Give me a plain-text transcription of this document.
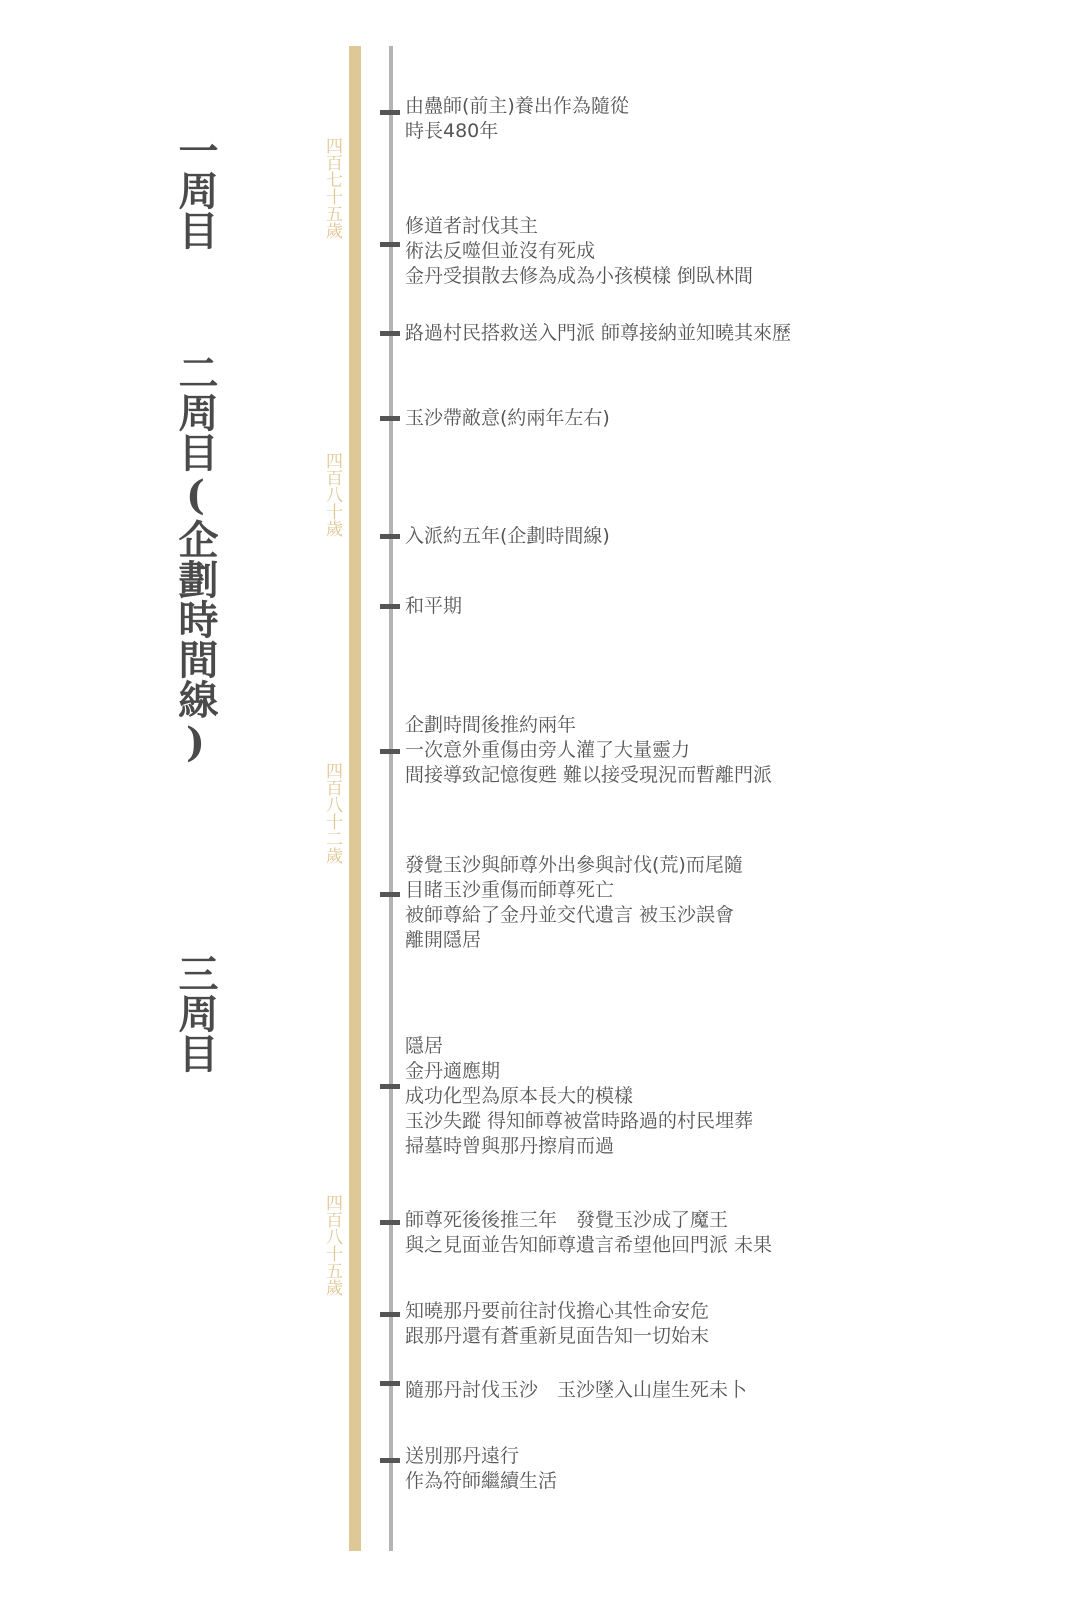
一周目
二周目(企劃時間線)
三周目
四百七十五歲
四百八十歲
四百八十二歲
四百八十五歲
由蠱師(前主)養出作為隨從
時長480年
修道者討伐其主
術法反噬但並沒有死成
金丹受損散去修為成為小孩模樣 倒臥林間
路過村民搭救送入門派 師尊接納並知曉其來歷
玉沙帶敵意(約兩年左右)
入派約五年(企劃時間線)
和平期
企劃時間後推約兩年
一次意外重傷由旁人灌了大量靈力
間接導致記憶復甦 難以接受現況而暫離門派
發覺玉沙與師尊外出參與討伐(荒)而尾隨
目睹玉沙重傷而師尊死亡
被師尊給了金丹並交代遺言 被玉沙誤會
離開隱居
隱居
金丹適應期
成功化型為原本長大的模樣
玉沙失蹤 得知師尊被當時路過的村民埋葬
掃墓時曾與那丹擦肩而過
師尊死後後推三年　發覺玉沙成了魔王
與之見面並告知師尊遺言希望他回門派 未果
知曉那丹要前往討伐擔心其性命安危
跟那丹還有蒼重新見面告知一切始末
隨那丹討伐玉沙　玉沙墜入山崖生死未卜
送別那丹遠行
作為符師繼續生活
